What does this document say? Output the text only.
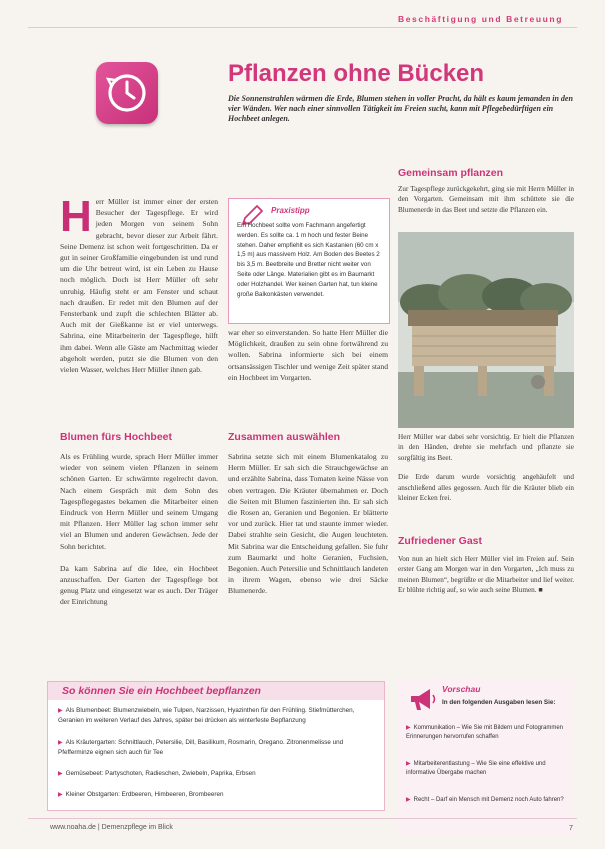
Beschäftigung und Betreuung
Pflanzen ohne Bücken
Die Sonnenstrahlen wärmen die Erde, Blumen stehen in voller Pracht, da hält es kaum jemanden in den vier Wänden. Wer nach einer sinnvollen Tätigkeit im Freien sucht, kann mit Pflegebedürftigen ein Hochbeet anlegen.
H err Müller ist immer einer der ersten Besucher der Tagespflege. Er wird jeden Morgen von seinem Sohn gebracht, bevor dieser zur Arbeit fährt. Seine Demenz ist schon weit fortgeschritten. Da er gut in seiner Großfamilie eingebunden ist und rund um die Uhr betreut wird, ist ein Leben zu Hause noch möglich. Doch ist Herr Müller oft sehr unruhig. Häufig steht er am Fenster und schaut nach draußen. Er redet mit den Blumen auf der Fensterbank und zupft die schlechten Blätter ab. Auch mit der Gießkanne ist er viel unterwegs. Sabrina, eine Mitarbeiterin der Tagespflege, hilft ihm dabei. Wenn alle Gäste am Nachmittag wieder abgeholt werden, putzt sie die Blumen von den vielen Wasser, welches Herr Müller ihnen gab.

Blumen fürs Hochbeet

Als es Frühling wurde, sprach Herr Müller immer wieder von seinem vielen Pflanzen in seinem schönen Garten. Er schwärmte regelrecht davon. Nach einem Gespräch mit dem Sohn des Tagespflegegastes bekamen die Mitarbeiter einen Eindruck von Herrn Müller und seinem Umgang mit Pflanzen. Herr Müller lag schon immer sehr viel an Blumen und anderen Gewächsen. Jede der Sohn berichtet.

Da kam Sabrina auf die Idee, ein Hochbeet anzuschaffen. Der Garten der Tagespflege bot genug Platz und eingesetzt war es auch. Der Träger der Einrichtung

Praxistipp
Ein Hochbeet sollte vom Fachmann angefertigt werden. Es sollte ca. 1 m hoch und fester Beine stehen. Daher empfiehlt es sich Kastanien (60 cm x 1,5 m) aus massivem Holz. Am Boden des Beetes 2 bis 3,5 m. Beetbreite und Bretter nicht weiter von Seite oder Länge. Materialien gibt es im Baumarkt oder Holzhandel. Wer keinen Garten hat, tun kleine große Balkonkästen verwendet.

war eher so einverstanden. So hatte Herr Müller die Möglichkeit, draußen zu sein ohne fortwährend zu wollen. Sabrina informierte sich bei einem ortsansässigen Tischler und wenige Zeit später stand ein Hochbeet im Vorgarten.

Zusammen auswählen

Sabrina setzte sich mit einem Blumenkatalog zu Herrn Müller. Er sah sich die Strauchgewächse an und erzählte Sabrina, dass Tomaten keine Nässe von oben vertragen. Die Kräuter übernahmen er. Doch die Seiten mit Blumen faszinierten ihn. Er sah sich die Rosen an, Geranien und Begonien. Er blätterte vor und zurück. Hier tat und staunte immer wieder. Dabei strahlte sein Gesicht, die Augen leuchteten. Mit Sabrina war die Entscheidung gefallen. Sie fuhr zum Baumarkt und holte Geranien, Fuchsien, Begonien. Auch Petersilie und Schnittlauch landeten in ihrem Wagen, ebenso wie drei Säcke Blumenerde.

Gemeinsam pflanzen

Zur Tagespflege zurückgekehrt, ging sie mit Herrn Müller in den Vorgarten. Gemeinsam mit ihm schüttete sie die Blumenerde in das Beet und setzte die Pflanzen ein.

Herr Müller war dabei sehr vorsichtig. Er hielt die Pflanzen in den Händen, drehte sie mehrfach und pflanzte sie sorgfältig ins Beet.

Die Erde darum wurde vorsichtig angehäufelt und anschließend alles gegossen. Auch für die Kräuter blieb ein kleiner Ecken frei.

Zufriedener Gast

Von nun an hielt sich Herr Müller viel im Freien auf. Sein erster Gang am Morgen war in den Vorgarten, „Ich muss zu meinen Blumen“, begrüßte er die Mitarbeiter und lief weiter. Er blühte richtig auf, so wie auch seine Blumen. ■

So können Sie ein Hochbeet bepflanzen
▶ Als Blumenbeet: Blumenzwiebeln, wie Tulpen, Narzissen, Hyazinthen für den Frühling. Stiefmütterchen, Geranien im weiteren Verlauf des Jahres, später bei drücken als winterfeste Bepflanzung
▶ Als Kräutergarten: Schnittlauch, Petersilie, Dill, Basilikum, Rosmarin, Oregano. Zitronenmelisse und Pfefferminze eignen sich auch für Tee
▶ Gemüsebeet: Partyschoten, Radieschen, Zwiebeln, Paprika, Erbsen
▶ Kleiner Obstgarten: Erdbeeren, Himbeeren, Brombeeren
Vorschau
In den folgenden Ausgaben lesen Sie:
▶ Kommunikation – Wie Sie mit Bildern und Fotogrammen Erinnerungen hervorrufen schaffen
▶ Mitarbeiterentlastung – Wie Sie eine effektive und informative Übergabe machen
▶ Recht – Darf ein Mensch mit Demenz noch Auto fahren?
www.noaha.de | Demenzpflege im Blick	7
